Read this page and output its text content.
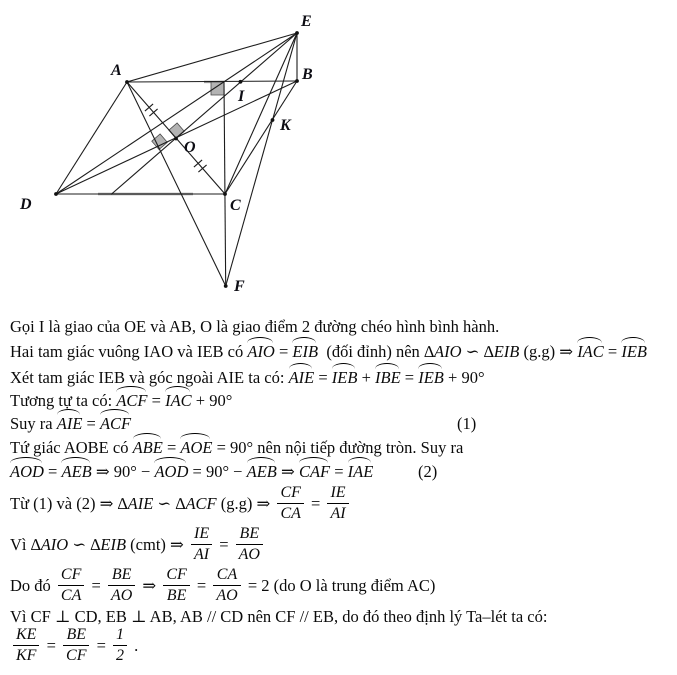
E
A	B
I
K
O
D	C
F
Gọi I là giao của OE và AB, O là giao điểm 2 đường chéo hình bình hành.
Hai tam giác vuông IAO và IEB có AIO = EIB  (đối đỉnh) nên ∆AIO ∽ ∆EIB (g.g) ⇒ IAC = IEB
Xét tam giác IEB và góc ngoài AIE ta có: AIE = IEB + IBE = IEB + 90°
Tương tự ta có: ACF = IAC + 90°
Suy ra AIE = ACF	(1)
Tứ giác AOBE có ABE = AOE = 90° nên nội tiếp đường tròn. Suy ra
AOD = AEB ⇒ 90° − AOD = 90° − AEB ⇒ CAF = IAE	(2)
Từ (1) và (2) ⇒ ∆AIE ∽ ∆ACF (g.g) ⇒ $\frac{CF}{CA} = \frac{IE}{AI}$
Vì ∆AIO ∽ ∆EIB (cmt) ⇒ $\frac{IE}{AI} = \frac{BE}{AO}$
Do đó $\frac{CF}{CA} = \frac{BE}{AO}$ ⇒ $\frac{CF}{BE} = \frac{CA}{AO} = 2$ (do O là trung điểm AC)
Vì CF ⊥ CD, EB ⊥ AB, AB // CD nên CF // EB, do đó theo định lý Ta–lét ta có:
$\frac{KE}{KF} = \frac{BE}{CF} = \frac{1}{2}$ .
